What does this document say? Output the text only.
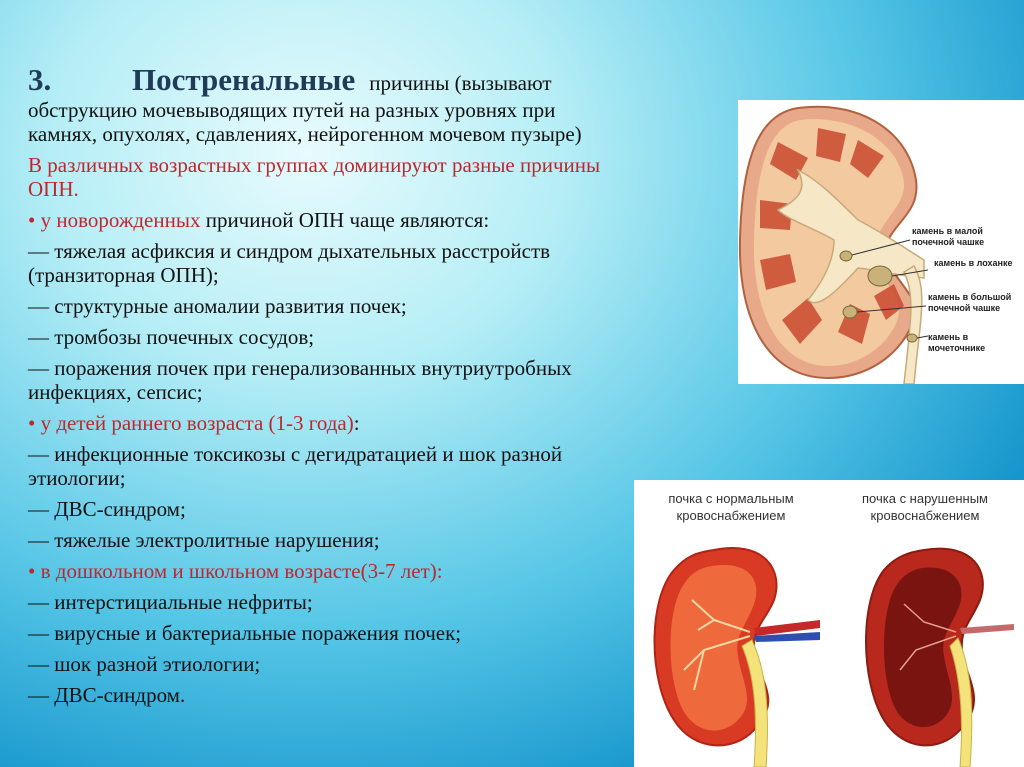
3.	Постренальные причины (вызывают
обструкцию мочевыводящих путей на разных уровнях при
камнях, опухолях, сдавлениях, нейрогенном мочевом пузыре)
В различных возрастных группах доминируют разные причины
ОПН.
• у новорожденных причиной ОПН чаще являются:
— тяжелая асфиксия и синдром дыхательных расстройств
(транзиторная ОПН);
— структурные аномалии развития почек;
— тромбозы почечных сосудов;
— поражения почек при генерализованных внутриутробных
инфекциях, сепсис;
• у детей раннего возраста (1-3 года):
— инфекционные токсикозы с дегидратацией и шок разной
этиологии;
— ДВС-синдром;
— тяжелые электролитные нарушения;
• в дошкольном и школьном возрасте(3-7 лет):
— интерстициальные нефриты;
— вирусные и бактериальные поражения почек;
— шок разной этиологии;
— ДВС-синдром.
камень в малой почечной чашке
камень в лоханке
камень в большой почечной чашке
камень в мочеточнике
почка с нормальным кровоснабжением
почка с нарушенным кровоснабжением
